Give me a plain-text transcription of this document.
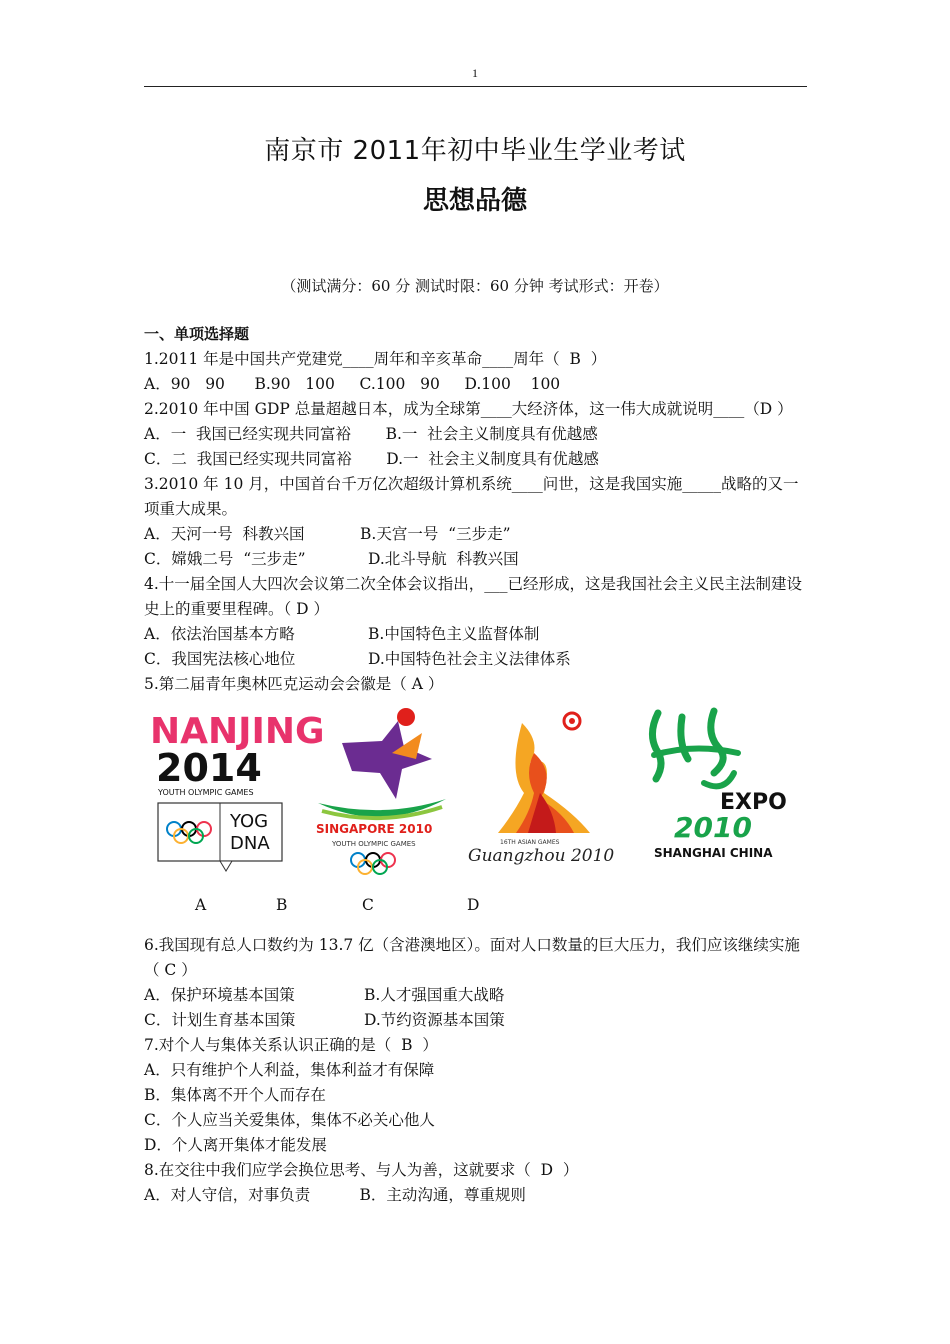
1
南京市 2011年初中毕业生学业考试
思想品德
（测试满分：60 分 测试时限：60 分钟 考试形式：开卷）
一、单项选择题
1.2011 年是中国共产党建党____周年和辛亥革命____周年（  B  ）
A．90   90      B.90   100     C.100   90     D.100    100
2.2010 年中国 GDP 总量超越日本，成为全球第____大经济体，这一伟大成就说明____（D ）
A．一  我国已经实现共同富裕 B.一  社会主义制度具有优越感
C．二  我国已经实现共同富裕 D.一  社会主义制度具有优越感
3.2010 年 10 月，中国首台千万亿次超级计算机系统____问世，这是我国实施_____战略的又一项重大成果。
A．天河一号  科教兴国	B.天宫一号  “三步走”
C．嫦娥二号  “三步走”	D.北斗导航  科教兴国
4.十一届全国人大四次会议第二次全体会议指出，___已经形成，这是我国社会主义民主法制建设史上的重要里程碑。（ D ）
A．依法治国基本方略	B.中国特色主义监督体制
C．我国宪法核心地位	D.中国特色社会主义法律体系
5.第二届青年奥林匹克运动会会徽是（ A ）
NANJING
2014
YOUTH OLYMPIC GAMES
YOG
DNA
SINGAPORE 2010
YOUTH OLYMPIC GAMES	16TH ASIAN GAMES
Guangzhou 2010
EXPO
2010
SHANGHAI CHINA
A	B	C	D
6.我国现有总人口数约为 13.7 亿（含港澳地区）。面对人口数量的巨大压力，我们应该继续实施（ C ）
A．保护环境基本国策	B.人才强国重大战略
C．计划生育基本国策	D.节约资源基本国策
7.对个人与集体关系认识正确的是（  B  ）
A．只有维护个人利益，集体利益才有保障
B．集体离不开个人而存在
C．个人应当关爱集体，集体不必关心他人
D．个人离开集体才能发展
8.在交往中我们应学会换位思考、与人为善，这就要求（  D  ）
A．对人守信，对事负责          B．主动沟通，尊重规则
